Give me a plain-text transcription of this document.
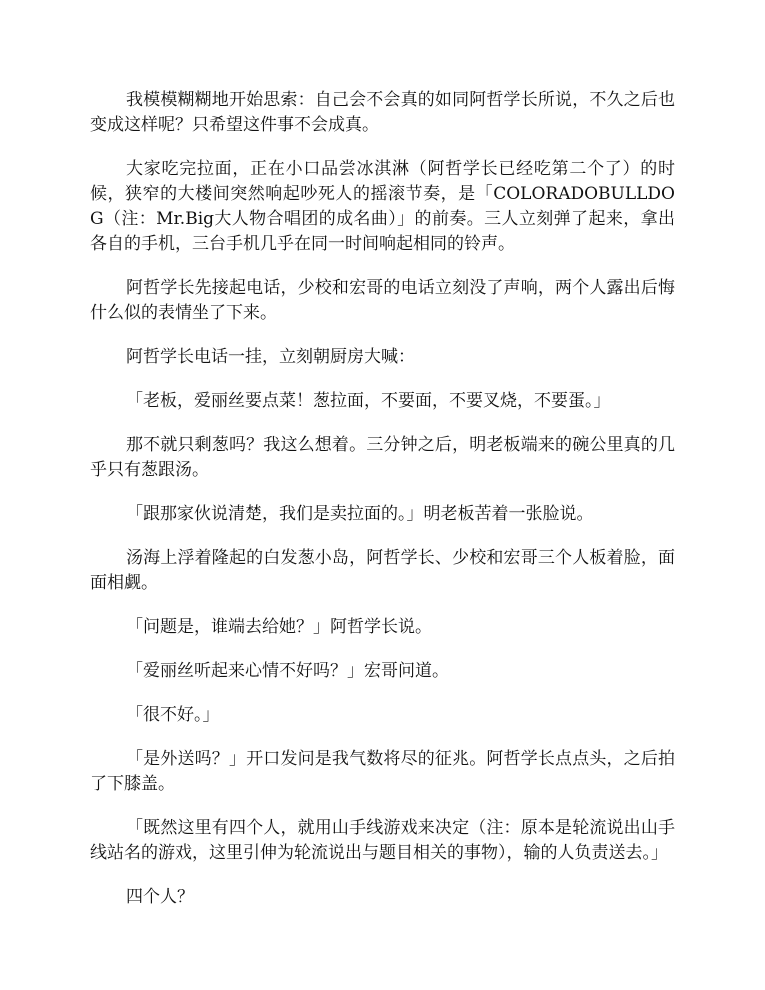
我模模糊糊地开始思索：自己会不会真的如同阿哲学长所说，不久之后也变成这样呢？只希望这件事不会成真。

大家吃完拉面，正在小口品尝冰淇淋（阿哲学长已经吃第二个了）的时候，狭窄的大楼间突然响起吵死人的摇滚节奏，是「COLORADOBULLDOG（注：Mr.Big大人物合唱团的成名曲）」的前奏。三人立刻弹了起来，拿出各自的手机，三台手机几乎在同一时间响起相同的铃声。

阿哲学长先接起电话，少校和宏哥的电话立刻没了声响，两个人露出后悔什么似的表情坐了下来。

阿哲学长电话一挂，立刻朝厨房大喊：

「老板，爱丽丝要点菜！葱拉面，不要面，不要叉烧，不要蛋。」

那不就只剩葱吗？我这么想着。三分钟之后，明老板端来的碗公里真的几乎只有葱跟汤。

「跟那家伙说清楚，我们是卖拉面的。」明老板苦着一张脸说。

汤海上浮着隆起的白发葱小岛，阿哲学长、少校和宏哥三个人板着脸，面面相觑。

「问题是，谁端去给她？」阿哲学长说。

「爱丽丝听起来心情不好吗？」宏哥问道。

「很不好。」

「是外送吗？」开口发问是我气数将尽的征兆。阿哲学长点点头，之后拍了下膝盖。

「既然这里有四个人，就用山手线游戏来决定（注：原本是轮流说出山手线站名的游戏，这里引伸为轮流说出与题目相关的事物），输的人负责送去。」

四个人？
